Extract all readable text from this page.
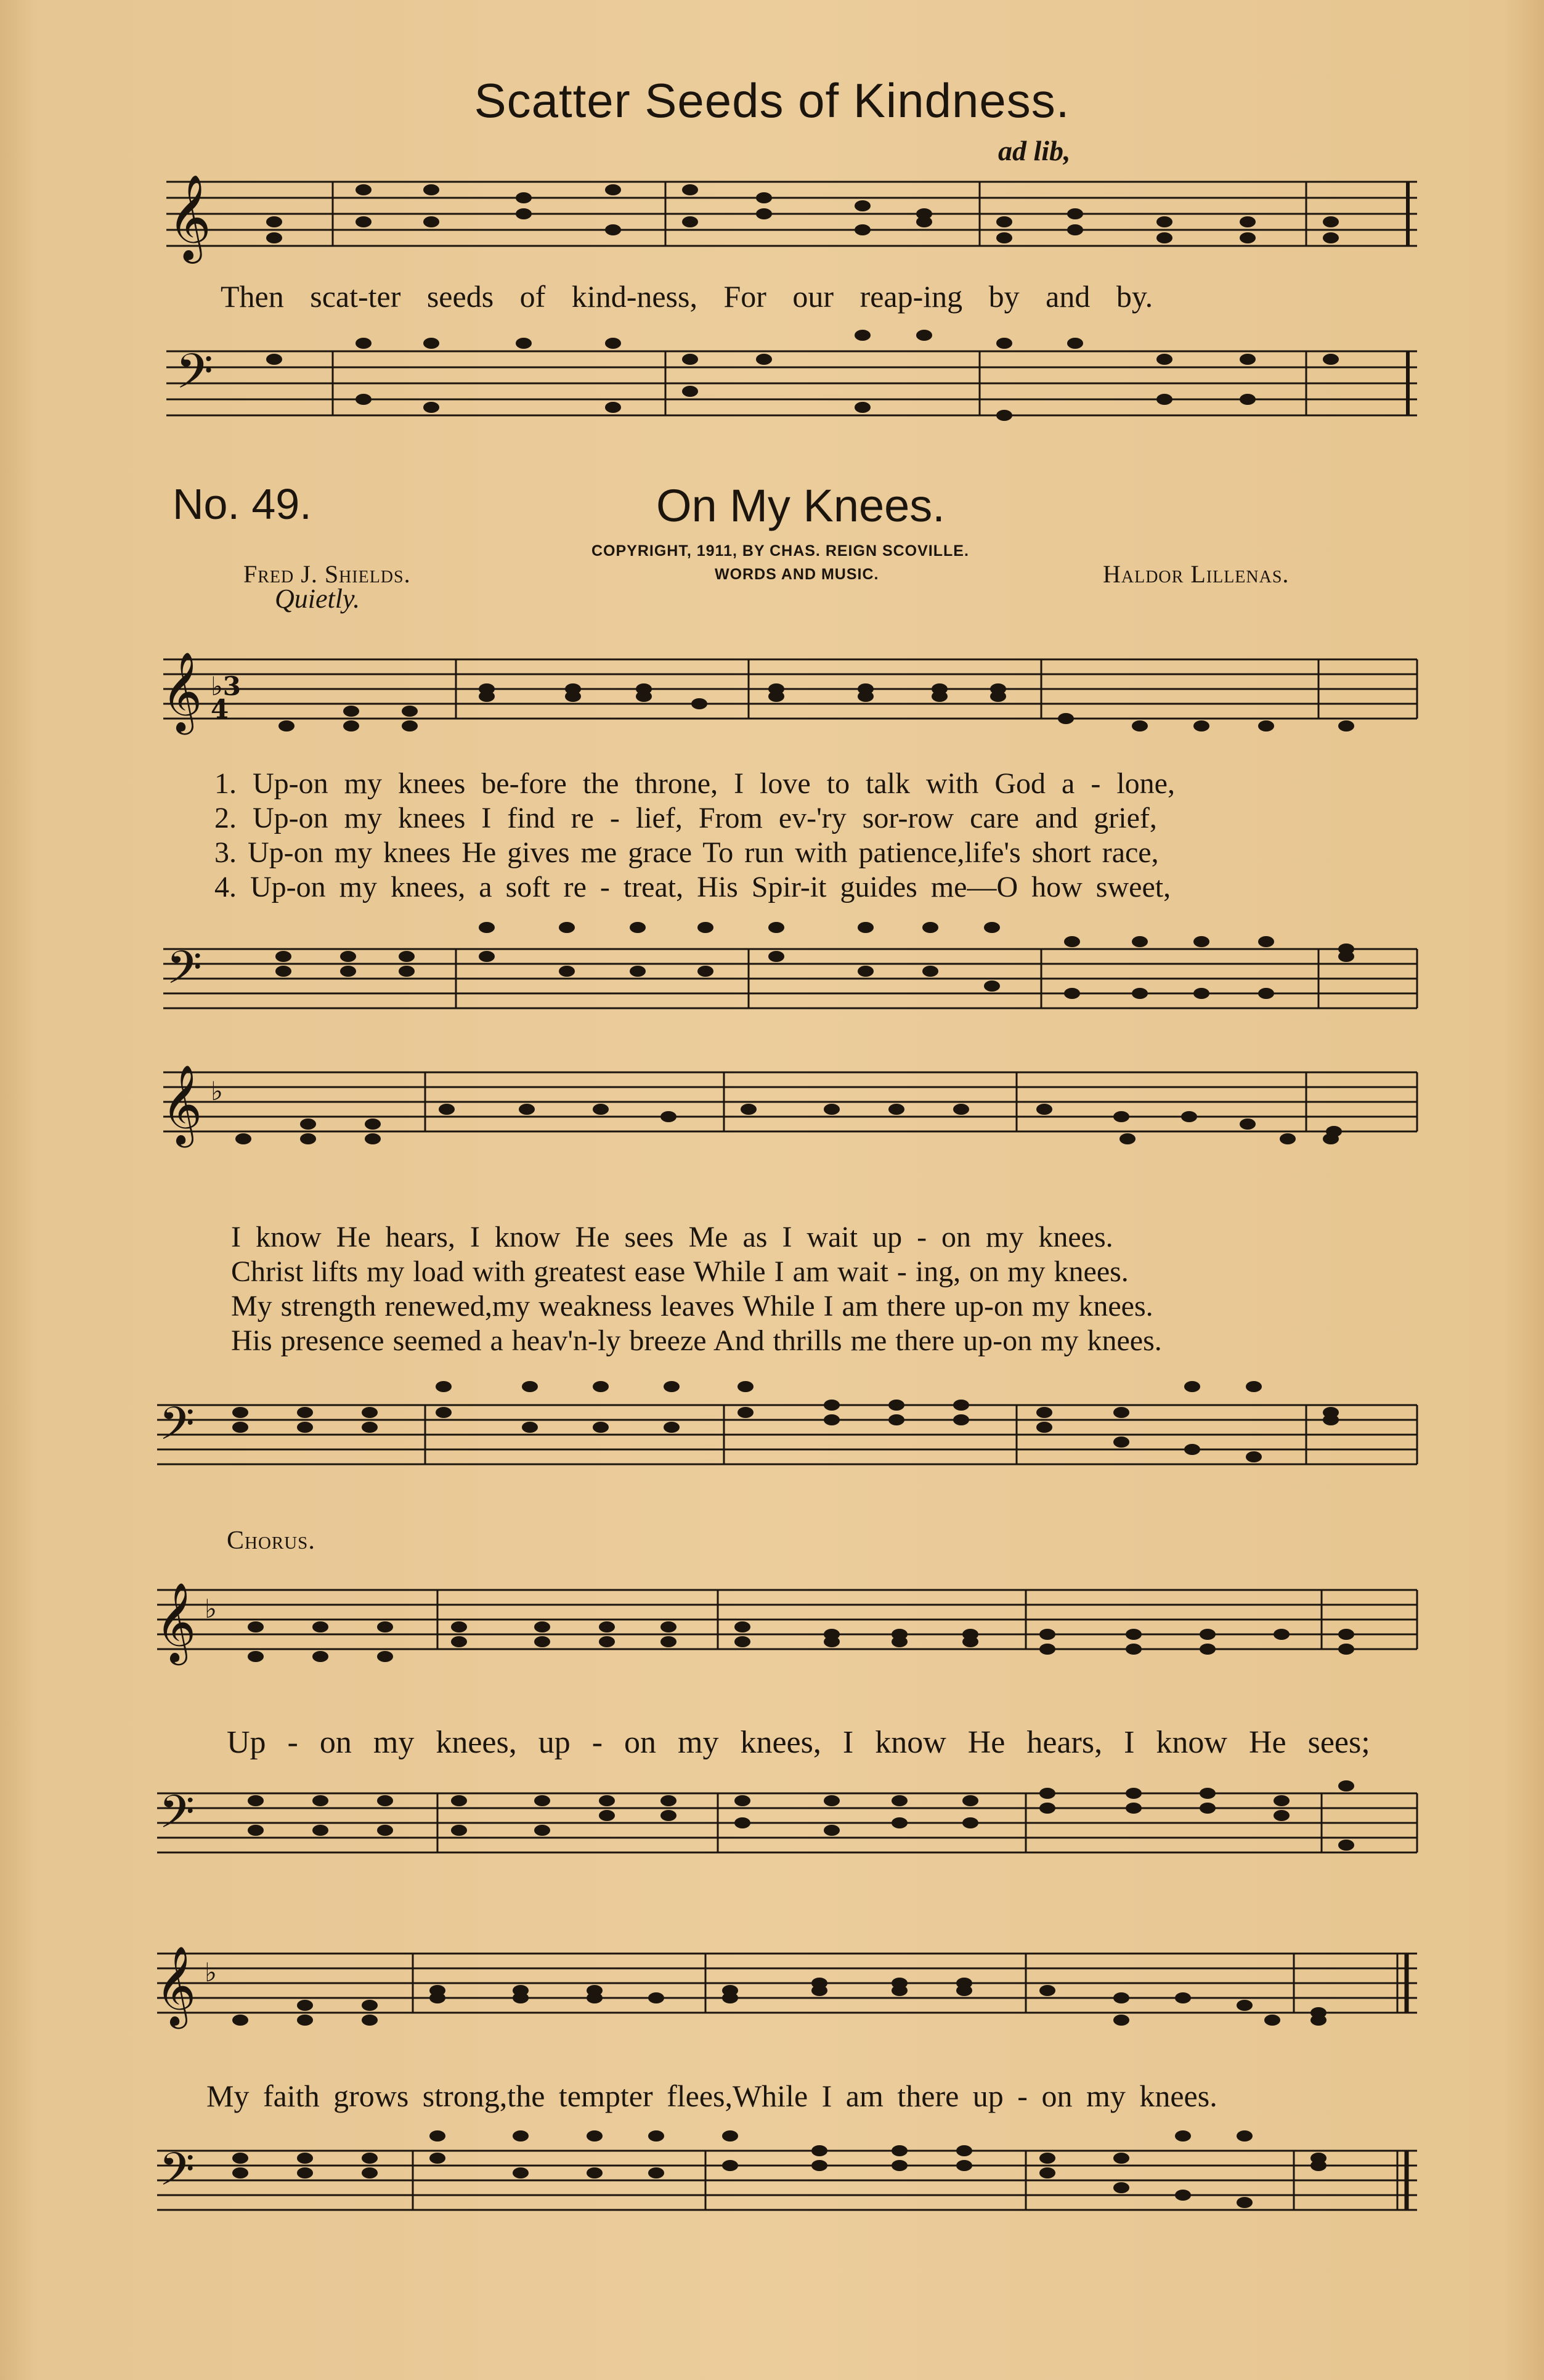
Scatter Seeds of Kindness.
ad lib,
𝄞
Then scat-ter seeds of kind-ness, For our reap-ing by and by.
𝄢
No. 49.	On My Knees.
COPYRIGHT, 1911, BY CHAS. REIGN SCOVILLE.
WORDS AND MUSIC.
Fred J. Shields.	Haldor Lillenas.
Quietly.
𝄞 ♭3
4
1. Up-on my knees be-fore the throne, I love to talk with God a - lone,
2. Up-on my knees I find re - lief, From ev-'ry sor-row care and grief,
3. Up-on my knees He gives me grace To run with patience,life's short race,
4. Up-on my knees, a soft re - treat, His Spir-it guides me—O how sweet,
𝄢
𝄞 ♭
I know He hears, I know He sees Me as I wait up - on my knees.
Christ lifts my load with greatest ease While I am wait - ing, on my knees.
My strength renewed,my weakness leaves While I am there up-on my knees.
His presence seemed a heav'n-ly breeze And thrills me there up-on my knees.
𝄢
Chorus.
𝄞 ♭
Up - on my knees, up - on my knees, I know He hears, I know He sees;
𝄢
𝄞 ♭
My faith grows strong,the tempter flees,While I am there up - on my knees.
𝄢
